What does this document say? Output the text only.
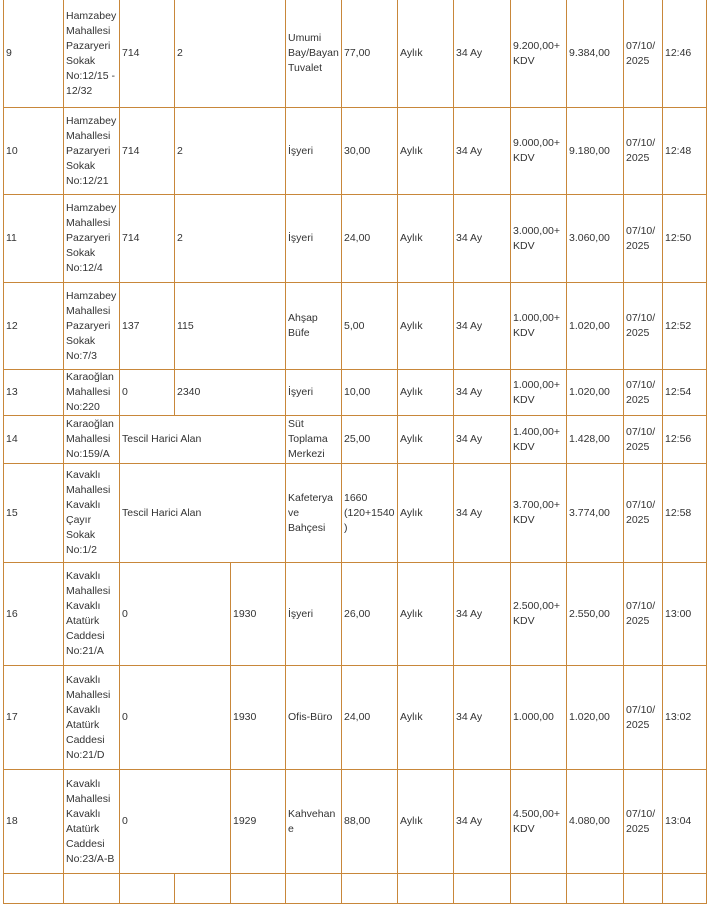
9	Hamzabey Mahallesi Pazaryeri Sokak No:12/15 - 12/32	714	2		Umumi Bay/Bayan Tuvalet	77,00	Aylık	34 Ay	9.200,00+ KDV	9.384,00	07/10/2025	12:46
10	Hamzabey Mahallesi Pazaryeri Sokak No:12/21	714	2		İşyeri	30,00	Aylık	34 Ay	9.000,00+ KDV	9.180,00	07/10/2025	12:48
11	Hamzabey Mahallesi Pazaryeri Sokak No:12/4	714	2		İşyeri	24,00	Aylık	34 Ay	3.000,00+ KDV	3.060,00	07/10/2025	12:50
12	Hamzabey Mahallesi Pazaryeri Sokak No:7/3	137	115		Ahşap Büfe	5,00	Aylık	34 Ay	1.000,00+ KDV	1.020,00	07/10/2025	12:52
13	Karaoğlan Mahallesi No:220	0	2340		İşyeri	10,00	Aylık	34 Ay	1.000,00+ KDV	1.020,00	07/10/2025	12:54
14	Karaoğlan Mahallesi No:159/A	Tescil Harici Alan			Süt Toplama Merkezi	25,00	Aylık	34 Ay	1.400,00+ KDV	1.428,00	07/10/2025	12:56
15	Kavaklı Mahallesi Kavaklı Çayır Sokak No:1/2	Tescil Harici Alan			Kafeterya ve Bahçesi	1660 (120+1540)	Aylık	34 Ay	3.700,00+ KDV	3.774,00	07/10/2025	12:58
16	Kavaklı Mahallesi Kavaklı Atatürk Caddesi No:21/A	0		1930	İşyeri	26,00	Aylık	34 Ay	2.500,00+ KDV	2.550,00	07/10/2025	13:00
17	Kavaklı Mahallesi Kavaklı Atatürk Caddesi No:21/D	0		1930	Ofis-Büro	24,00	Aylık	34 Ay	1.000,00	1.020,00	07/10/2025	13:02
18	Kavaklı Mahallesi Kavaklı Atatürk Caddesi No:23/A-B	0		1929	Kahvehane	88,00	Aylık	34 Ay	4.500,00+ KDV	4.080,00	07/10/2025	13:04
